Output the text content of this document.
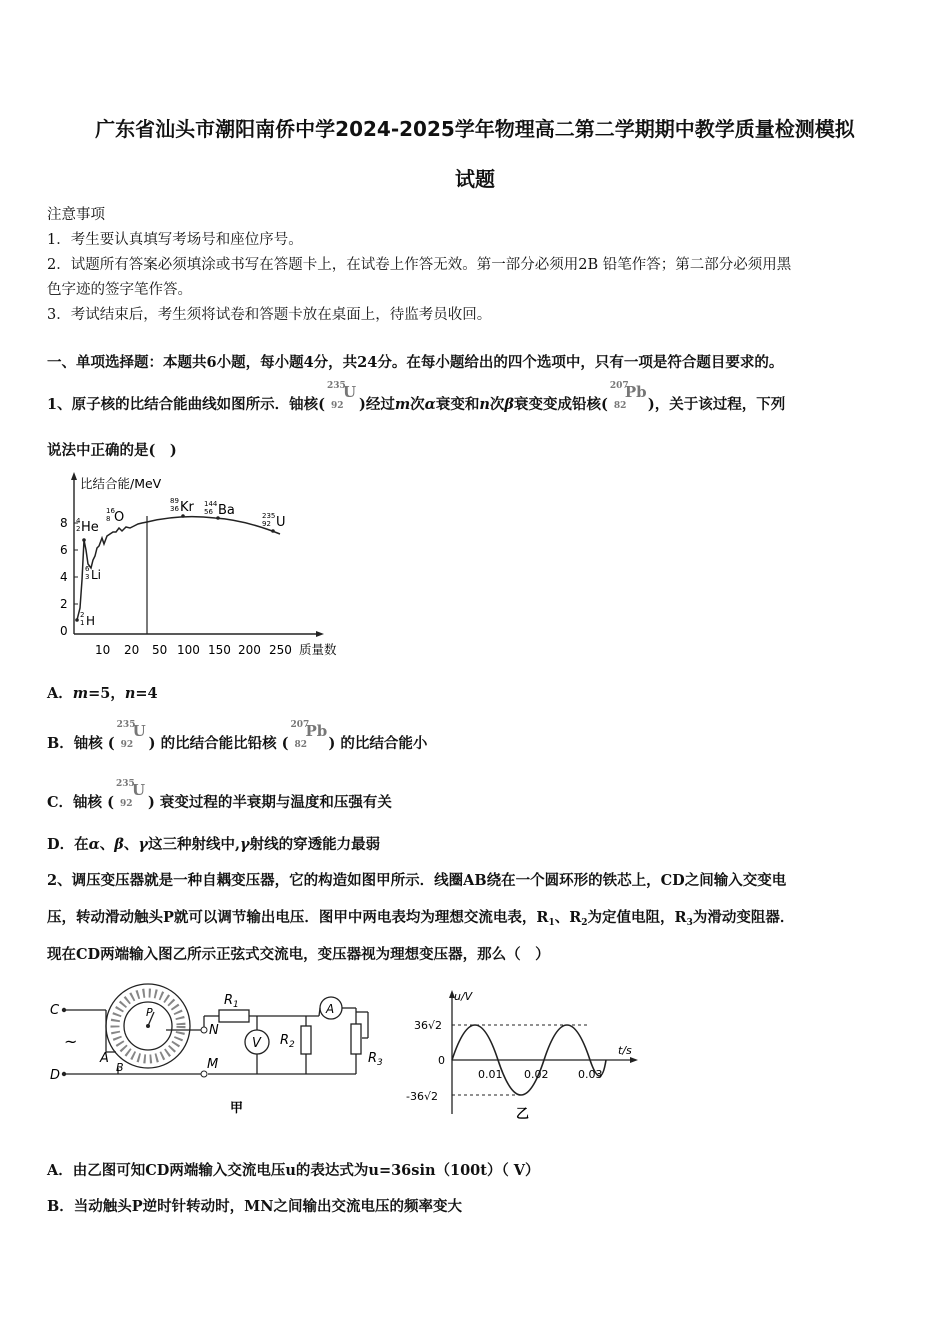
广东省汕头市潮阳南侨中学2024-2025学年物理高二第二学期期中教学质量检测模拟
试题
注意事项
1．考生要认真填写考场号和座位序号。
2．试题所有答案必须填涂或书写在答题卡上，在试卷上作答无效。第一部分必须用2B 铅笔作答；第二部分必须用黑
色字迹的签字笔作答。
3．考试结束后，考生须将试卷和答题卡放在桌面上，待监考员收回。
一、单项选择题：本题共6小题，每小题4分，共24分。在每小题给出的四个选项中，只有一项是符合题目要求的。
1、原子核的比结合能曲线如图所示．铀核(
235
92
U
)经过m次α衰变和n次β衰变变成铅核(
207
82
Pb
)，关于该过程，下列
说法中正确的是(　)
比结合能/MeV
质量数
8
6
4
2
0
10 20 50 100 150 200 250
4
2 He
16
8 O
89
36 Kr 144
56 Ba	235
92 U
6
3 Li
2
1 H
A．m=5，n=4
B．铀核 (
235
92
U
) 的比结合能比铅核 (
207
82
Pb
) 的比结合能小
C．铀核 (
235
92
U
) 衰变过程的半衰期与温度和压强有关
D．在α、β、γ这三种射线中,γ射线的穿透能力最弱
2、调压变压器就是一种自耦变压器，它的构造如图甲所示．线圈AB绕在一个圆环形的铁芯上，CD之间输入交变电
压，转动滑动触头P就可以调节输出电压．图甲中两电表均为理想交流电表，$R_1$、$R_2$为定值电阻，$R_3$为滑动变阻器．
现在CD两端输入图乙所示正弦式交流电，变压器视为理想变压器，那么（　）
C
D
~
A
B
P
N
M
$R_1$
$R_2$
$R_3$
V
A
甲
u/V
t/s
36√2
-36√2
0
0.01 0.02	0.03
乙
A．由乙图可知CD两端输入交流电压u的表达式为u=36sin（100t）（ V）
B．当动触头P逆时针转动时，MN之间输出交流电压的频率变大
